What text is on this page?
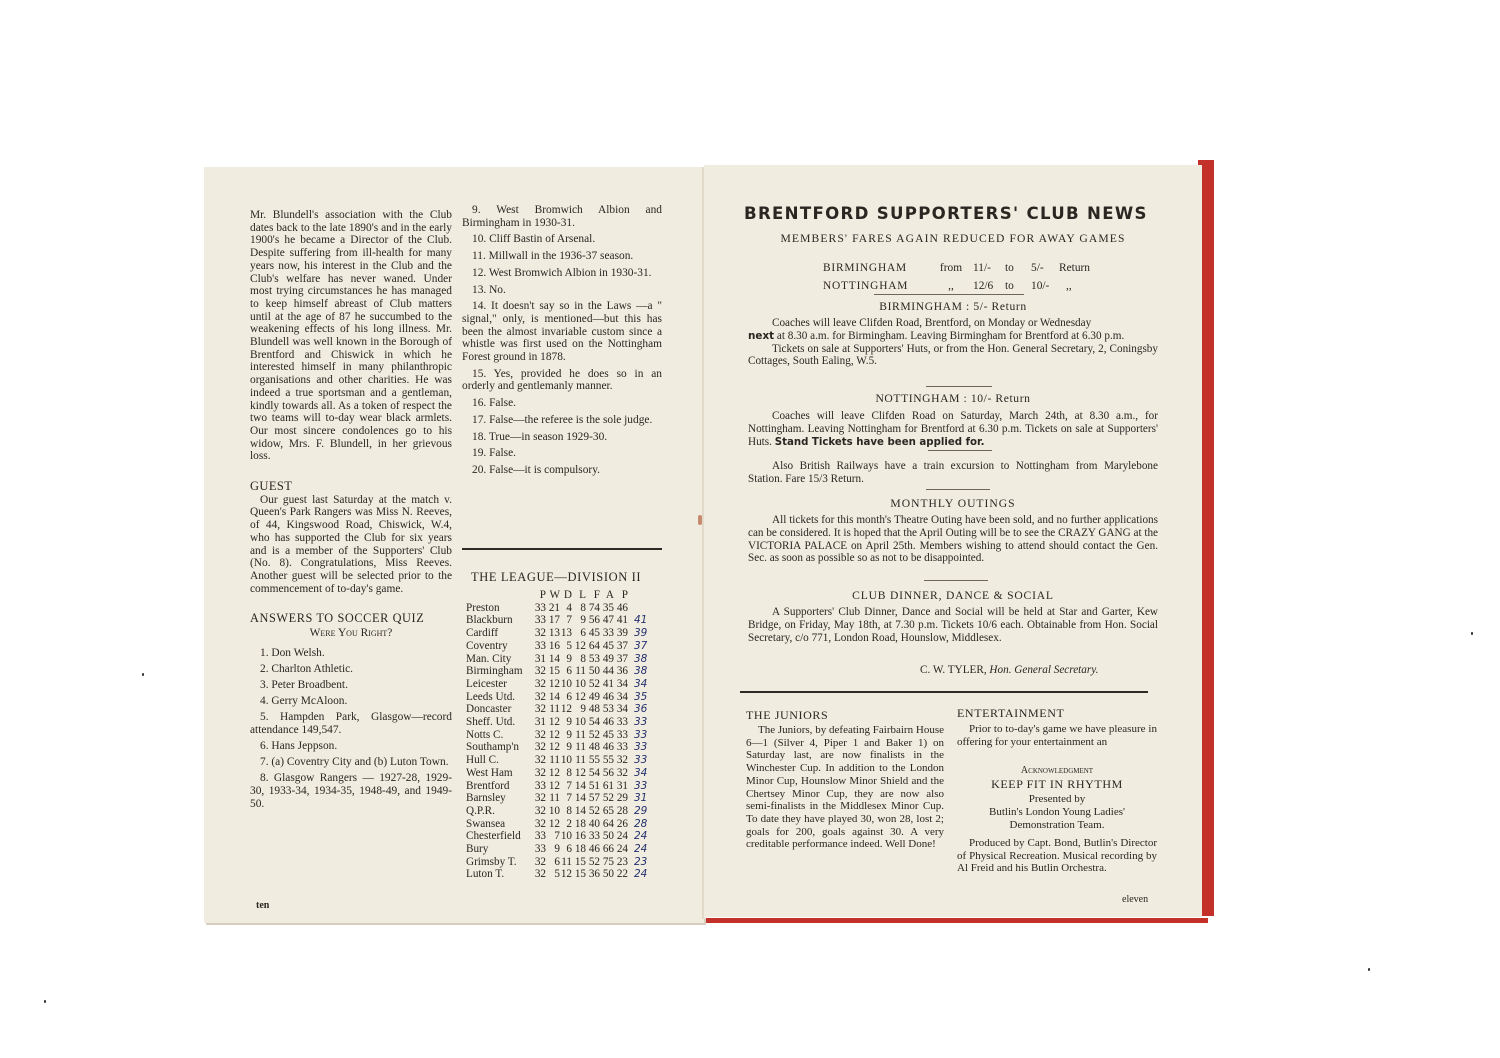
Mr. Blundell's association with the Club dates back to the late 1890's and in the early 1900's he became a Director of the Club. Despite suffering from ill-health for many years now, his interest in the Club and the Club's welfare has never waned. Under most trying circumstances he has managed to keep himself abreast of Club matters until at the age of 87 he succumbed to the weakening effects of his long illness. Mr. Blundell was well known in the Borough of Brentford and Chiswick in which he interested himself in many philanthropic organisations and other charities. He was indeed a true sportsman and a gentleman, kindly towards all. As a token of respect the two teams will to-day wear black armlets. Our most sincere condolences go to his widow, Mrs. F. Blundell, in her grievous loss.
GUEST
Our guest last Saturday at the match v. Queen's Park Rangers was Miss N. Reeves, of 44, Kingswood Road, Chiswick, W.4, who has supported the Club for six years and is a member of the Supporters' Club (No. 8). Congratulations, Miss Reeves. Another guest will be selected prior to the commencement of to-day's game.
ANSWERS TO SOCCER QUIZ
Were You Right?
1. Don Welsh.
2. Charlton Athletic.
3. Peter Broadbent.
4. Gerry McAloon.
5. Hampden Park, Glasgow—record attendance 149,547.
6. Hans Jeppson.
7. (a) Coventry City and (b) Luton Town.
8. Glasgow Rangers — 1927-28, 1929-30, 1933-34, 1934-35, 1948-49, and 1949-50.
9. West Bromwich Albion and Birmingham in 1930-31.
10. Cliff Bastin of Arsenal.
11. Millwall in the 1936-37 season.
12. West Bromwich Albion in 1930-31.
13. No.
14. It doesn't say so in the Laws —a " signal," only, is mentioned—but this has been the almost invariable custom since a whistle was first used on the Nottingham Forest ground in 1878.
15. Yes, provided he does so in an orderly and gentlemanly manner.
16. False.
17. False—the referee is the sole judge.
18. True—in season 1929-30.
19. False.
20. False—it is compulsory.
THE LEAGUE—DIVISION II
	P	W	D	L	F	A	P	
Preston	33	21	4	8	74	35	46	
Blackburn	33	17	7	9	56	47	41	41
Cardiff	32	13	13	6	45	33	39	39
Coventry	33	16	5	12	64	45	37	37
Man. City	31	14	9	8	53	49	37	38
Birmingham	32	15	6	11	50	44	36	38
Leicester	32	12	10	10	52	41	34	34
Leeds Utd.	32	14	6	12	49	46	34	35
Doncaster	32	11	12	9	48	53	34	36
Sheff. Utd.	31	12	9	10	54	46	33	33
Notts C.	32	12	9	11	52	45	33	33
Southamp'n	32	12	9	11	48	46	33	33
Hull C.	32	11	10	11	55	55	32	33
West Ham	32	12	8	12	54	56	32	34
Brentford	33	12	7	14	51	61	31	33
Barnsley	32	11	7	14	57	52	29	31
Q.P.R.	32	10	8	14	52	65	28	29
Swansea	32	12	2	18	40	64	26	28
Chesterfield	33	7	10	16	33	50	24	24
Bury	33	9	6	18	46	66	24	24
Grimsby T.	32	6	11	15	52	75	23	23
Luton T.	32	5	12	15	36	50	22	24
ten
BRENTFORD SUPPORTERS' CLUB NEWS
MEMBERS' FARES AGAIN REDUCED FOR AWAY GAMES
BIRMINGHAM	from	11/-	to	5/-	Return
NOTTINGHAM	,,	12/6	to	10/-	,,
BIRMINGHAM : 5/- Return
Coaches will leave Clifden Road, Brentford, on Monday or Wednesday
next at 8.30 a.m. for Birmingham. Leaving Birmingham for Brentford at 6.30 p.m.
Tickets on sale at Supporters' Huts, or from the Hon. General Secretary, 2, Coningsby Cottages, South Ealing, W.5.
NOTTINGHAM : 10/- Return
Coaches will leave Clifden Road on Saturday, March 24th, at 8.30 a.m., for Nottingham. Leaving Nottingham for Brentford at 6.30 p.m. Tickets on sale at Supporters' Huts. Stand Tickets have been applied for.
Also British Railways have a train excursion to Nottingham from Marylebone Station. Fare 15/3 Return.
MONTHLY OUTINGS
All tickets for this month's Theatre Outing have been sold, and no further applications can be considered. It is hoped that the April Outing will be to see the CRAZY GANG at the VICTORIA PALACE on April 25th. Members wishing to attend should contact the Gen. Sec. as soon as possible so as not to be disappointed.
CLUB DINNER, DANCE & SOCIAL
A Supporters' Club Dinner, Dance and Social will be held at Star and Garter, Kew Bridge, on Friday, May 18th, at 7.30 p.m. Tickets 10/6 each. Obtainable from Hon. Social Secretary, c/o 771, London Road, Hounslow, Middlesex.
C. W. TYLER, Hon. General Secretary.
THE JUNIORS
The Juniors, by defeating Fairbairn House 6—1 (Silver 4, Piper 1 and Baker 1) on Saturday last, are now finalists in the Winchester Cup. In addition to the London Minor Cup, Hounslow Minor Shield and the Chertsey Minor Cup, they are now also semi-finalists in the Middlesex Minor Cup. To date they have played 30, won 28, lost 2; goals for 200, goals against 30. A very creditable performance indeed. Well Done!
ENTERTAINMENT
Prior to to-day's game we have pleasure in offering for your entertainment an
Acknowledgment
KEEP FIT IN RHYTHM
Presented by
Butlin's London Young Ladies' Demonstration Team.
Produced by Capt. Bond, Butlin's Director of Physical Recreation. Musical recording by Al Freid and his Butlin Orchestra.
eleven
